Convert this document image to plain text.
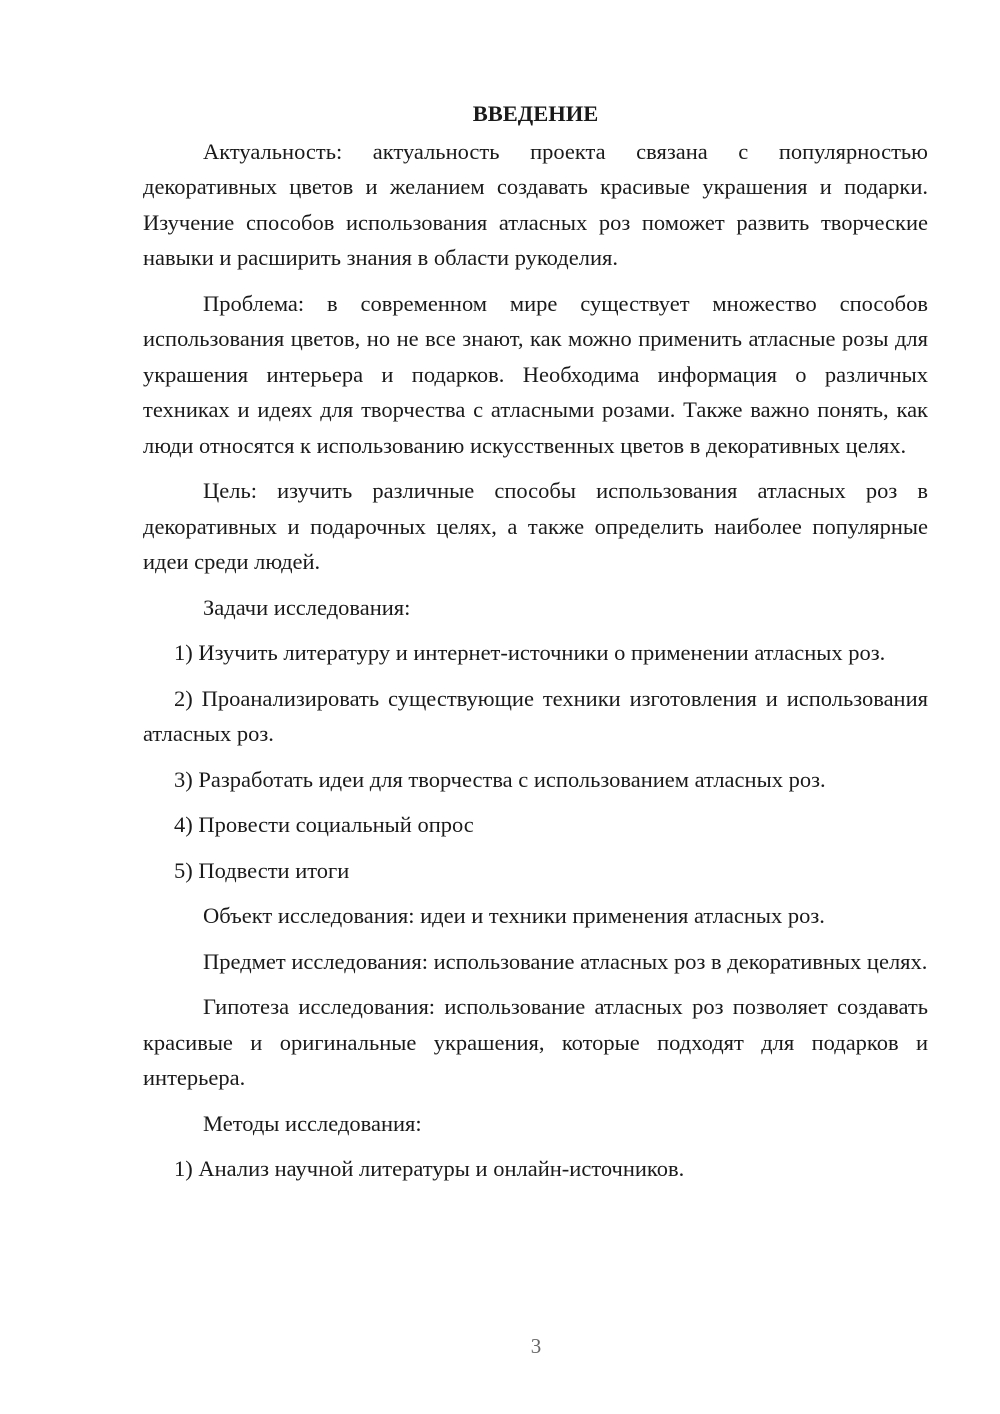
ВВЕДЕНИЕ

Актуальность: актуальность проекта связана с популярностью декоративных цветов и желанием создавать красивые украшения и подарки. Изучение способов использования атласных роз поможет развить творческие навыки и расширить знания в области рукоделия.

Проблема: в современном мире существует множество способов использования цветов, но не все знают, как можно применить атласные розы для украшения интерьера и подарков. Необходима информация о различных техниках и идеях для творчества с атласными розами. Также важно понять, как люди относятся к использованию искусственных цветов в декоративных целях.

Цель: изучить различные способы использования атласных роз в декоративных и подарочных целях, а также определить наиболее популярные идеи среди людей.

Задачи исследования:

1) Изучить литературу и интернет-источники о применении атласных роз.

2) Проанализировать существующие техники изготовления и использования атласных роз.

3) Разработать идеи для творчества с использованием атласных роз.

4) Провести социальный опрос

5) Подвести итоги

Объект исследования: идеи и техники применения атласных роз.

Предмет исследования: использование атласных роз в декоративных целях.

Гипотеза исследования: использование атласных роз позволяет создавать красивые и оригинальные украшения, которые подходят для подарков и интерьера.

Методы исследования:

1) Анализ научной литературы и онлайн-источников.

3
